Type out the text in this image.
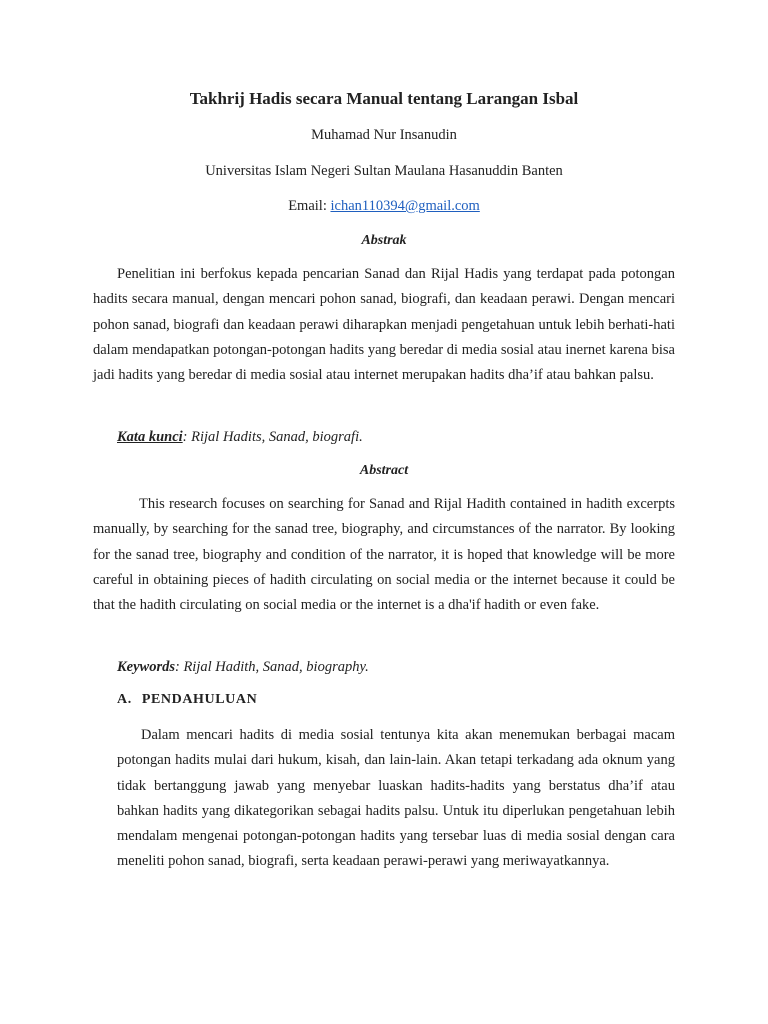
Takhrij Hadis secara Manual tentang Larangan Isbal
Muhamad Nur Insanudin
Universitas Islam Negeri Sultan Maulana Hasanuddin Banten
Email: ichan110394@gmail.com
Abstrak

Penelitian ini berfokus kepada pencarian Sanad dan Rijal Hadis yang terdapat pada potongan hadits secara manual, dengan mencari pohon sanad, biografi, dan keadaan perawi. Dengan mencari pohon sanad, biografi dan keadaan perawi diharapkan menjadi pengetahuan untuk lebih berhati-hati dalam mendapatkan potongan-potongan hadits yang beredar di media sosial atau inernet karena bisa jadi hadits yang beredar di media sosial atau internet merupakan hadits dha’if atau bahkan palsu.

Kata kunci: Rijal Hadits, Sanad, biografi.
Abstract

This research focuses on searching for Sanad and Rijal Hadith contained in hadith excerpts manually, by searching for the sanad tree, biography, and circumstances of the narrator. By looking for the sanad tree, biography and condition of the narrator, it is hoped that knowledge will be more careful in obtaining pieces of hadith circulating on social media or the internet because it could be that the hadith circulating on social media or the internet is a dha'if hadith or even fake.

Keywords: Rijal Hadith, Sanad, biography.
A. PENDAHULUAN

Dalam mencari hadits di media sosial tentunya kita akan menemukan berbagai macam potongan hadits mulai dari hukum, kisah, dan lain-lain. Akan tetapi terkadang ada oknum yang tidak bertanggung jawab yang menyebar luaskan hadits-hadits yang berstatus dha’if atau bahkan hadits yang dikategorikan sebagai hadits palsu. Untuk itu diperlukan pengetahuan lebih mendalam mengenai potongan-potongan hadits yang tersebar luas di media sosial dengan cara meneliti pohon sanad, biografi, serta keadaan perawi-perawi yang meriwayatkannya.
